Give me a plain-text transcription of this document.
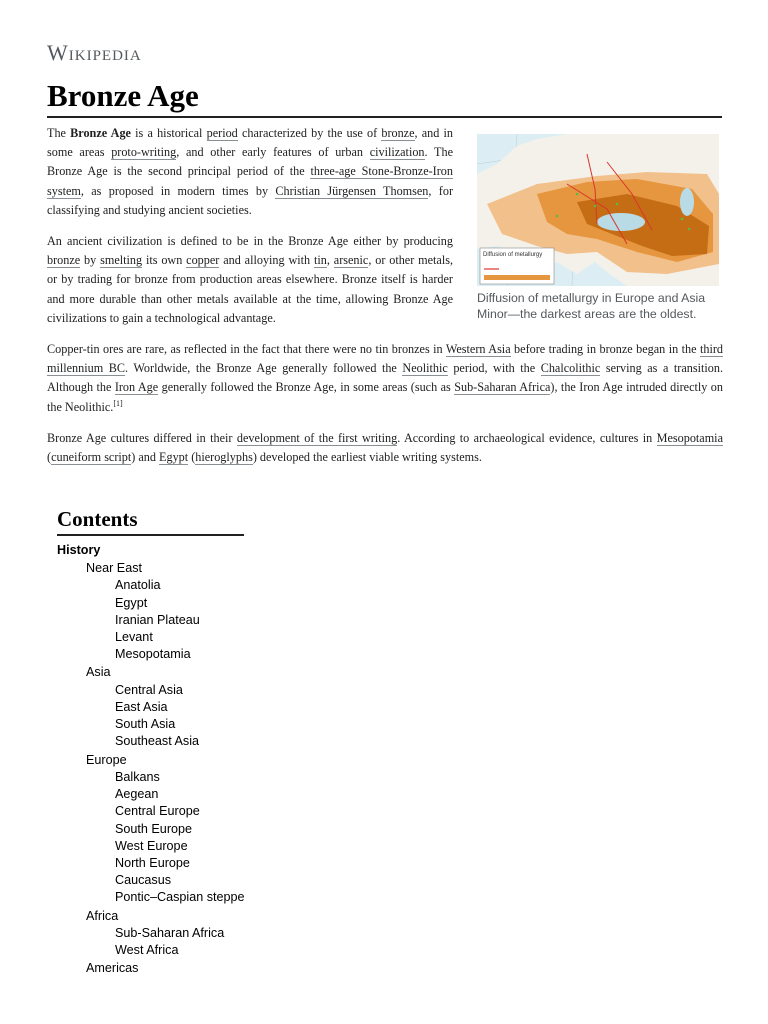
Wikipedia
Bronze Age
Diffusion of metallurgy
Diffusion of metallurgy in Europe and Asia Minor—the darkest areas are the oldest.

The Bronze Age is a historical period characterized by the use of bronze, and in some areas proto-writing, and other early features of urban civilization. The Bronze Age is the second principal period of the three-age Stone-Bronze-Iron system, as proposed in modern times by Christian Jürgensen Thomsen, for classifying and studying ancient societies.

An ancient civilization is defined to be in the Bronze Age either by producing bronze by smelting its own copper and alloying with tin, arsenic, or other metals, or by trading for bronze from production areas elsewhere. Bronze itself is harder and more durable than other metals available at the time, allowing Bronze Age civilizations to gain a technological advantage.

Copper-tin ores are rare, as reflected in the fact that there were no tin bronzes in Western Asia before trading in bronze began in the third millennium BC. Worldwide, the Bronze Age generally followed the Neolithic period, with the Chalcolithic serving as a transition. Although the Iron Age generally followed the Bronze Age, in some areas (such as Sub-Saharan Africa), the Iron Age intruded directly on the Neolithic.[1]

Bronze Age cultures differed in their development of the first writing. According to archaeological evidence, cultures in Mesopotamia (cuneiform script) and Egypt (hieroglyphs) developed the earliest viable writing systems.

Contents
History
Near East
Anatolia
Egypt
Iranian Plateau
Levant
Mesopotamia
Asia
Central Asia
East Asia
South Asia
Southeast Asia
Europe
Balkans
Aegean
Central Europe
South Europe
West Europe
North Europe
Caucasus
Pontic–Caspian steppe
Africa
Sub-Saharan Africa
West Africa
Americas
